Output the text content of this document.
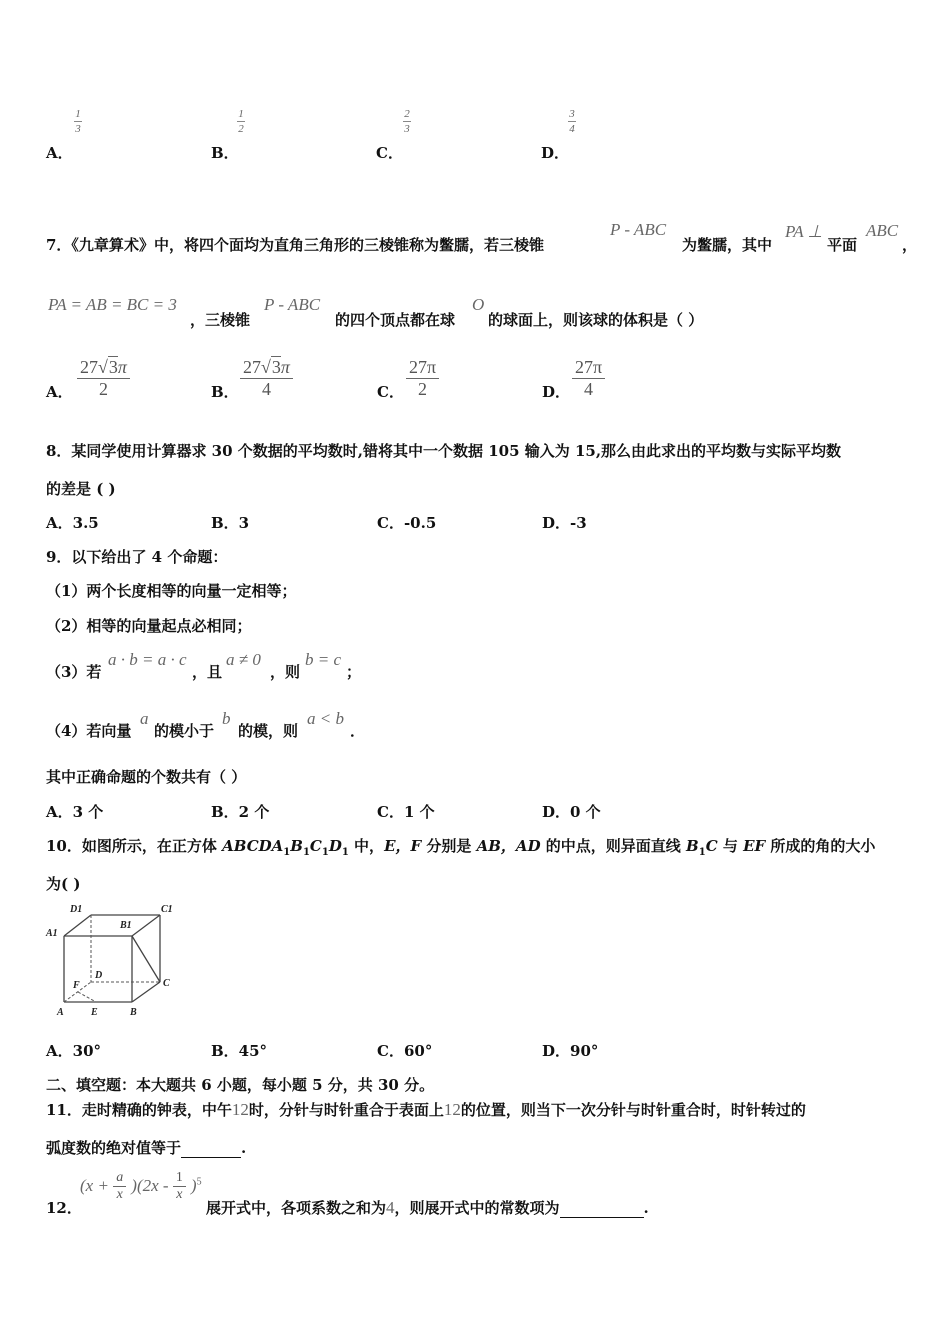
A．
1
3
B．
1
2
C．
2
3
D．
3
4
7．《九章算术》中，将四个面均为直角三角形的三棱锥称为鳖臑，若三棱锥
P - ABC
为鳖臑，其中
PA ⊥
平面
ABC
，
PA = AB = BC = 3
，三棱锥
P - ABC
的四个顶点都在球
O
的球面上，则该球的体积是（ ）
A． $\frac{27√3\pi}{2}$	B． $\frac{27√3\pi}{4}$	C． $\frac{27\pi}{2}$	D． $\frac{27\pi}{4}$
8．某同学使用计算器求 30 个数据的平均数时,错将其中一个数据 105 输入为 15,那么由此求出的平均数与实际平均数
的差是 ( )
A．3.5	B．3	C．-0.5	D．-3
9．以下给出了 4 个命题：
（1）两个长度相等的向量一定相等；
（2）相等的向量起点必相同；
（3）若
a · b = a · c
，且
a ≠ 0
，则
b = c
；
（4）若向量
a
的模小于
b
的模，则
a < b
．
其中正确命题的个数共有（ ）
A．3 个	B．2 个	C．1 个	D．0 个
10．如图所示，在正方体 $ABCDA_1B_1C_1D_1$ 中，E，F 分别是 AB，AD 的中点，则异面直线 $B_1C$ 与 EF 所成的角的大小
为( )
D1	C1
A1
B1
D
C
F
A	E	B
A．30°	B．45°	C．60°	D．90°
二、填空题：本大题共 6 小题，每小题 5 分，共 30 分。
11．走时精确的钟表，中午12时，分针与时针重合于表面上12的位置，则当下一次分针与时针重合时，时针转过的
弧度数的绝对值等于	.
12．
$(x + \frac{a}{x} )(2x - \frac{1}{x} )^5$
展开式中，各项系数之和为4，则展开式中的常数项为	.
